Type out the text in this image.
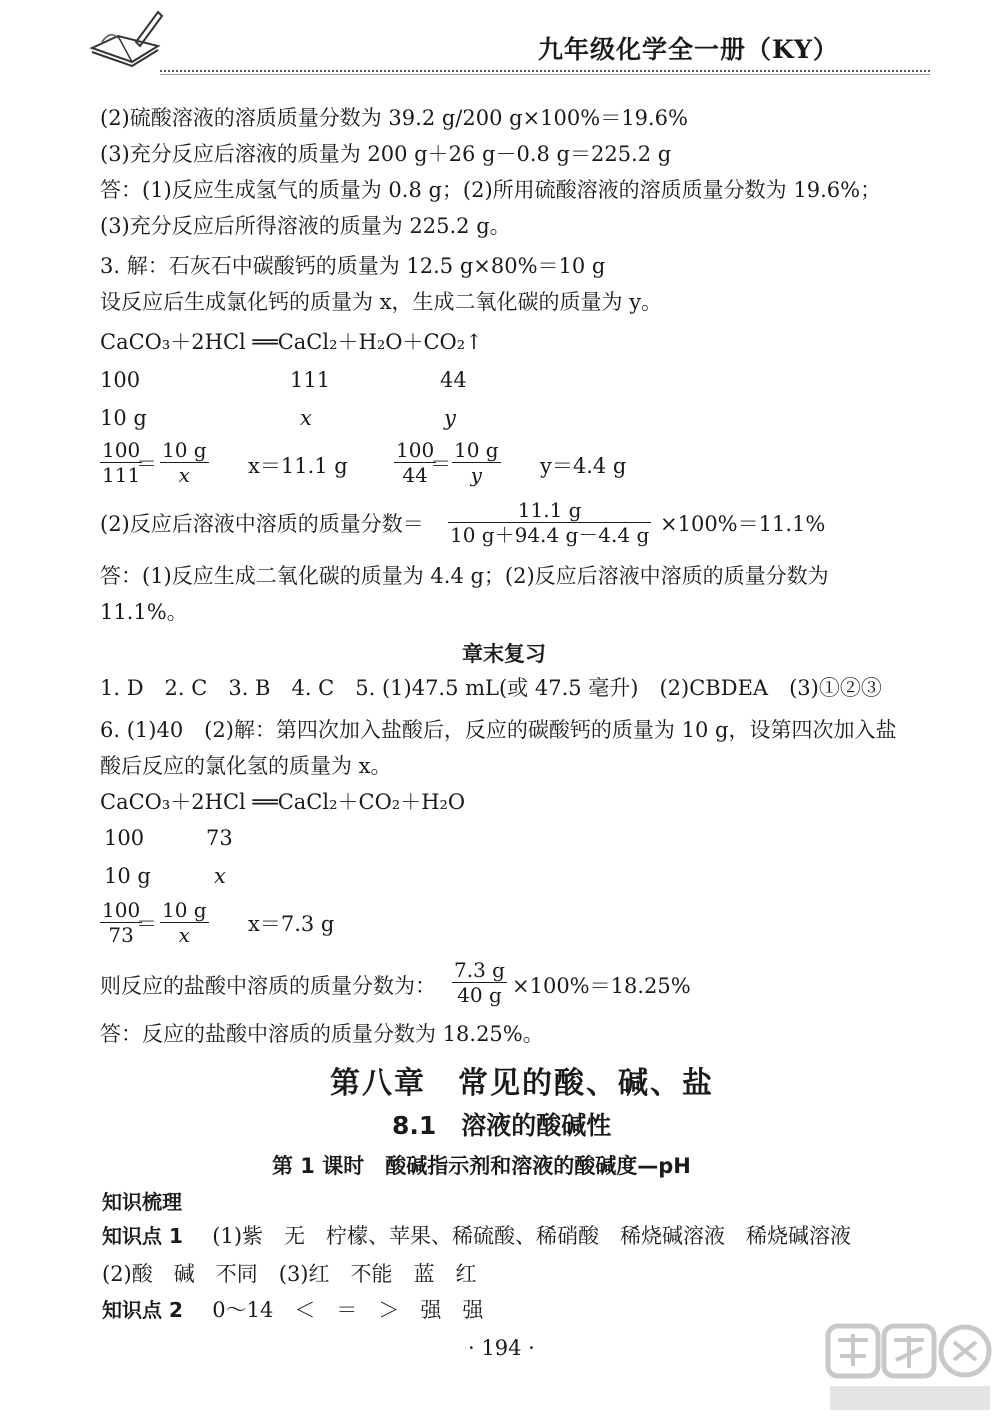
九年级化学全一册（KY）
(2)硫酸溶液的溶质质量分数为 39.2 g/200 g×100%＝19.6%
(3)充分反应后溶液的质量为 200 g＋26 g－0.8 g＝225.2 g
答：(1)反应生成氢气的质量为 0.8 g；(2)所用硫酸溶液的溶质质量分数为 19.6%；
(3)充分反应后所得溶液的质量为 225.2 g。
3. 解：石灰石中碳酸钙的质量为 12.5 g×80%＝10 g
设反应后生成氯化钙的质量为 x，生成二氧化碳的质量为 y。
CaCO₃＋2HCl ══CaCl₂＋H₂O＋CO₂↑
100	111	44
10 g	x	y
$\frac{100}{111}$
＝ $\frac{10 g}{x} x=11.1$ g $\frac{100}{44}$
＝ $\frac{10 g}{y} y=4.4$ g
(2)反应后溶液中溶质的质量分数＝ $\frac{11.1 g}{10 g+94.4 g-4.4 g} \times 100\%=11.1\%$
答：(1)反应生成二氧化碳的质量为 4.4 g；(2)反应后溶液中溶质的质量分数为
11.1%。
章末复习
1. D　2. C　3. B　4. C　5. (1)47.5 mL(或 47.5 毫升)　(2)CBDEA　(3)①②③
6. (1)40　(2)解：第四次加入盐酸后，反应的碳酸钙的质量为 10 g，设第四次加入盐
酸后反应的氯化氢的质量为 x。
CaCO₃＋2HCl ══CaCl₂＋CO₂＋H₂O
100	73
10 g	x
$\frac{100}{73}$
＝ $\frac{10 g}{x} x=7.3$ g
则反应的盐酸中溶质的质量分数为： $\frac{7.3 g}{40 g} \times 100\%=18.25\%$
答：反应的盐酸中溶质的质量分数为 18.25%。
第八章　常见的酸、碱、盐
8.1　溶液的酸碱性
第 1 课时　酸碱指示剂和溶液的酸碱度—pH
知识梳理
知识点 1 (1)紫　无　柠檬、苹果、稀硫酸、稀硝酸　稀烧碱溶液　稀烧碱溶液
(2)酸　碱　不同　(3)红　不能　蓝　红
知识点 2 0～14　＜　＝　＞　强　强
· 194 ·
